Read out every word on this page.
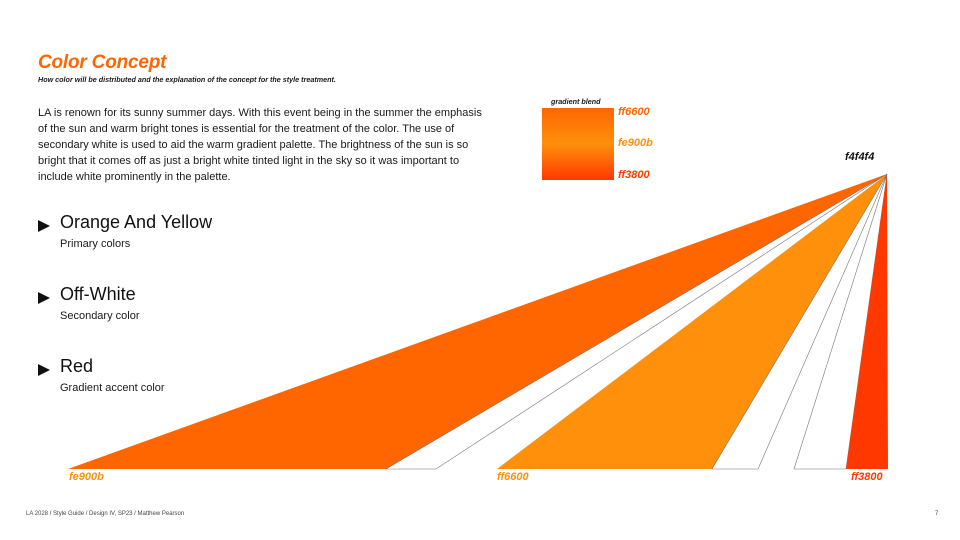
Color Concept
How color will be distributed and the explanation of the concept for the style treatment.

LA is renown for its sunny summer days. With this event being in the summer the emphasis of the sun and warm bright tones is essential for the treatment of the color. The use of secondary white is used to aid the warm gradient palette. The brightness of the sun is so bright that it comes off as just a bright white tinted light in the sky so it was important to include white prominently in the palette.

Orange And Yellow
Primary colors
Off-White
Secondary color
Red
Gradient accent color
gradient blend
ff6600
fe900b
ff3800
f4f4f4
fe900b	ff6600	ff3800
LA 2028 / Style Guide / Design IV, SP23 / Matthew Pearson	7
